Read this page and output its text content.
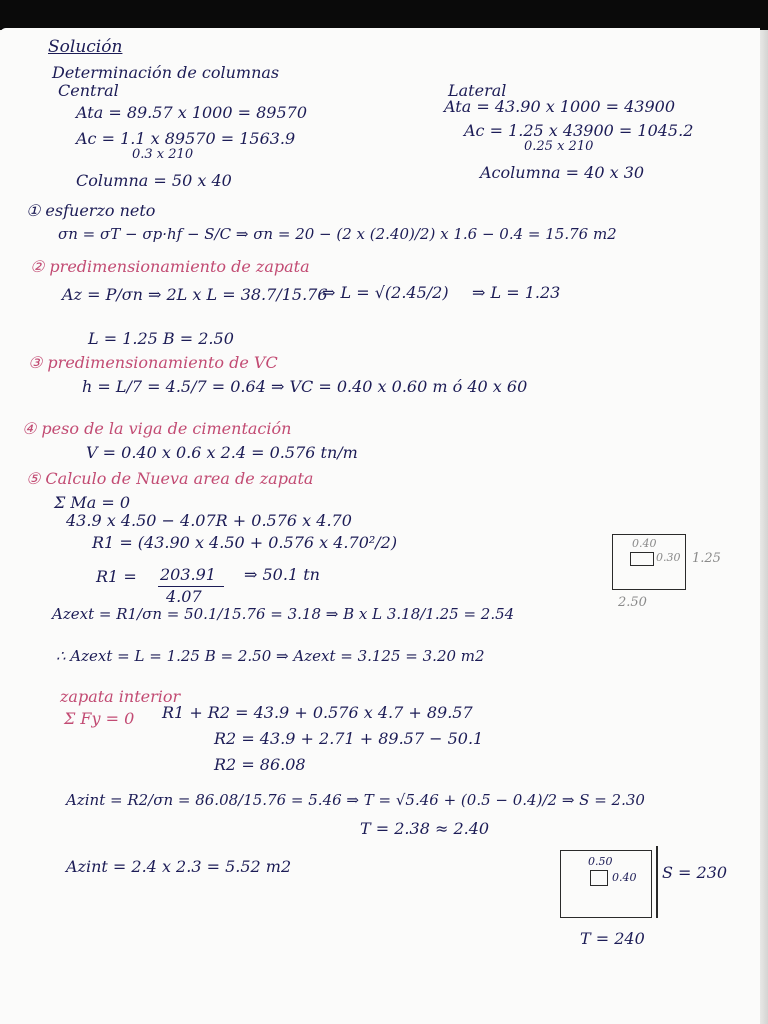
Solución
Determinación de columnas
Central	Lateral
Ata = 89.57 x 1000 = 89570
Ac = 1.1 x 89570 = 1563.9
0.3 x 210
Columna = 50 x 40
Ata = 43.90 x 1000 = 43900
Ac = 1.25 x 43900 = 1045.2
0.25 x 210
Acolumna = 40 x 30
① esfuerzo neto
σn = σT − σp·hf − S/C ⇒ σn = 20 − (2 x (2.40)/2) x 1.6 − 0.4 = 15.76 m2
② predimensionamiento de zapata
Az = P/σn ⇒ 2L x L = 38.7/15.76
⇒ L = √(2.45/2) ⇒ L = 1.23
L = 1.25 B = 2.50
③ predimensionamiento de VC
h = L/7 = 4.5/7 = 0.64 ⇒ VC = 0.40 x 0.60 m ó 40 x 60
④ peso de la viga de cimentación
V = 0.40 x 0.6 x 2.4 = 0.576 tn/m
⑤ Calculo de Nueva area de zapata
Σ Ma = 0
43.9 x 4.50 − 4.07R + 0.576 x 4.70
R1 = (43.90 x 4.50 + 0.576 x 4.70²/2)
R1 = 203.91
4.07
⇒ 50.1 tn
Azext = R1/σn = 50.1/15.76 = 3.18 ⇒ B x L 3.18/1.25 = 2.54
∴ Azext = L = 1.25 B = 2.50 ⇒ Azext = 3.125 = 3.20 m2
0.40
0.30 1.25
2.50
zapata interior
Σ Fy = 0 R1 + R2 = 43.9 + 0.576 x 4.7 + 89.57
R2 = 43.9 + 2.71 + 89.57 − 50.1
R2 = 86.08
Azint = R2/σn = 86.08/15.76 = 5.46 ⇒ T = √5.46 + (0.5 − 0.4)/2 ⇒ S = 2.30
T = 2.38 ≈ 2.40
Azint = 2.4 x 2.3 = 5.52 m2	0.50
0.40 S = 230
T = 240
